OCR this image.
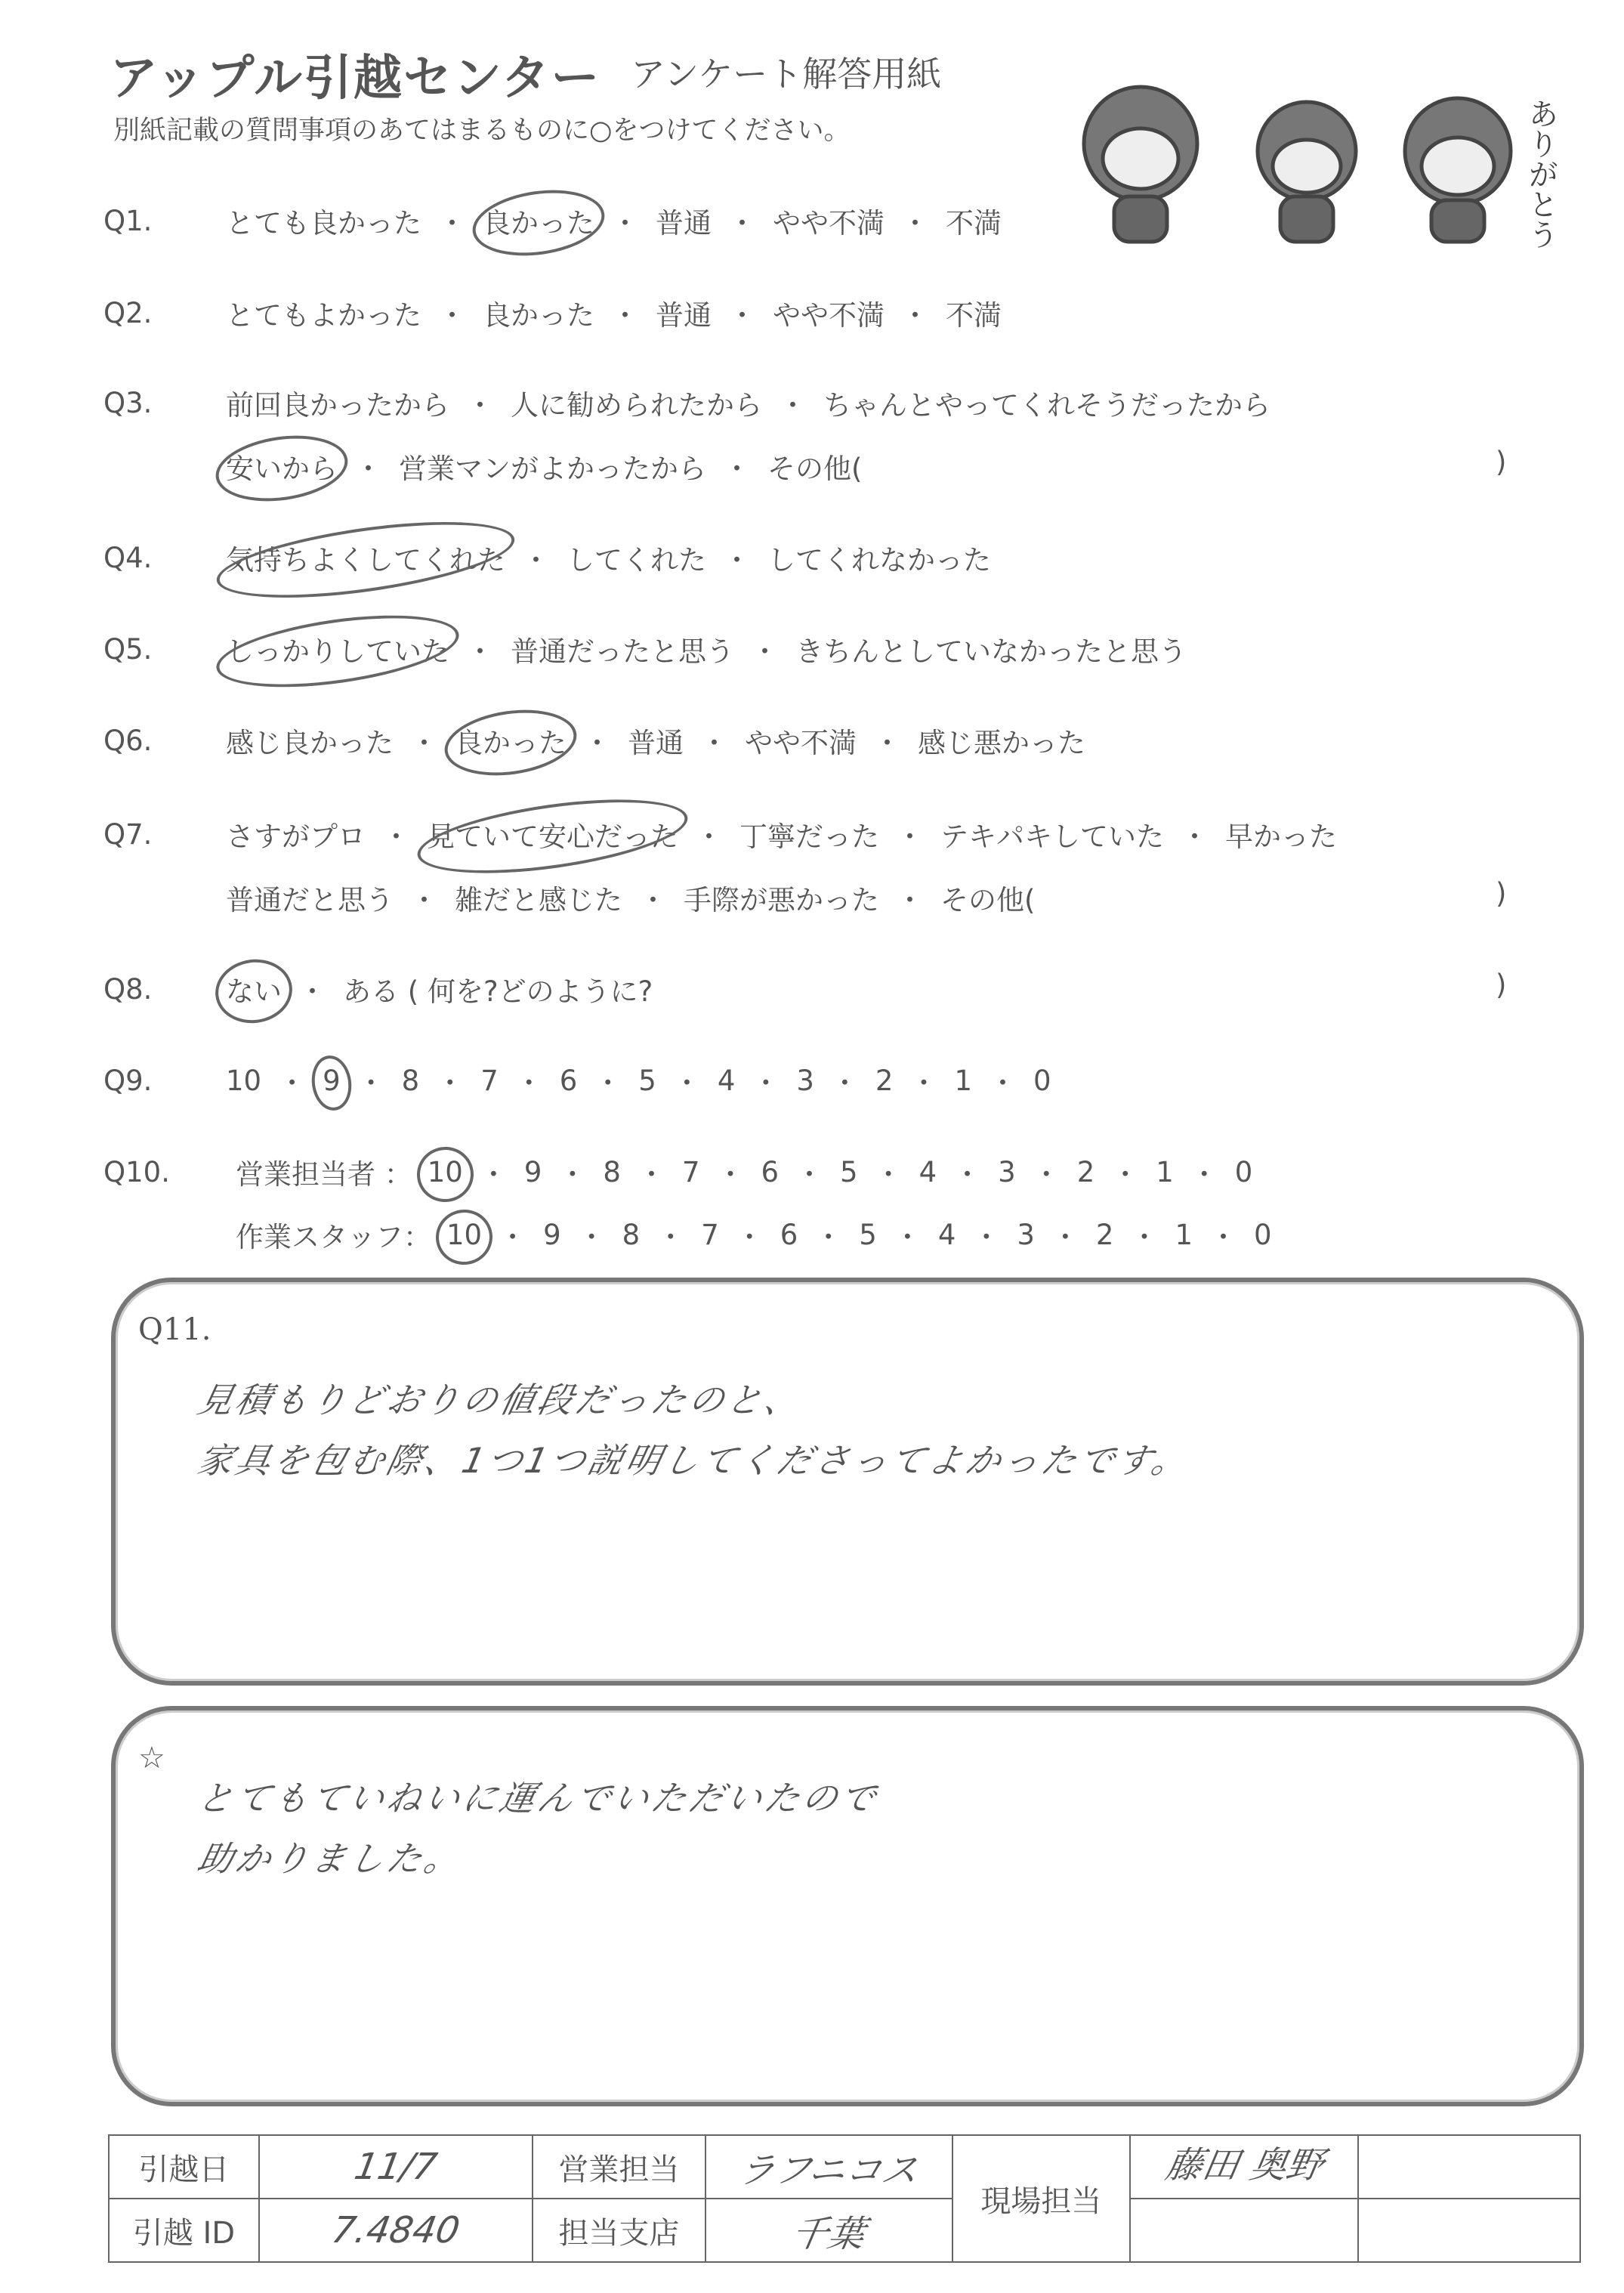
アップル引越センター アンケート解答用紙
別紙記載の質問事項のあてはまるものに○をつけてください。	ありがとう
Q1.	とても良かった ・ 良かった ・ 普通 ・ やや不満 ・ 不満
Q2.	とてもよかった ・ 良かった ・ 普通 ・ やや不満 ・ 不満
Q3.	前回良かったから ・ 人に勧められたから ・ ちゃんとやってくれそうだったから
安いから ・ 営業マンがよかったから ・ その他(	)
Q4.	気持ちよくしてくれた ・ してくれた ・ してくれなかった
Q5.	しっかりしていた ・ 普通だったと思う ・ きちんとしていなかったと思う
Q6.	感じ良かった ・ 良かった ・ 普通 ・ やや不満 ・ 感じ悪かった
Q7.	さすがプロ ・ 見ていて安心だった ・ 丁寧だった ・ テキパキしていた ・ 早かった
普通だと思う ・ 雑だと感じた ・ 手際が悪かった ・ その他(	)
Q8.	ない ・ ある ( 何を?どのように?	)
Q9.	10 ・ 9 ・ 8 ・ 7 ・ 6 ・ 5 ・ 4 ・ 3 ・ 2 ・ 1 ・ 0
Q10.	営業担当者 ： 10 ・ 9 ・ 8 ・ 7 ・ 6 ・ 5 ・ 4 ・ 3 ・ 2 ・ 1 ・ 0
作業スタッフ： 10 ・ 9 ・ 8 ・ 7 ・ 6 ・ 5 ・ 4 ・ 3 ・ 2 ・ 1 ・ 0
Q11.
見積もりどおりの値段だったのと、
家具を包む際、1つ1つ説明してくださってよかったです。
☆
とてもていねいに運んでいただいたので
助かりました。
引越日	11/7	営業担当	ラフニコス	現場担当	藤田 奥野	
引越 ID	7.4840	担当支店	千葉			
